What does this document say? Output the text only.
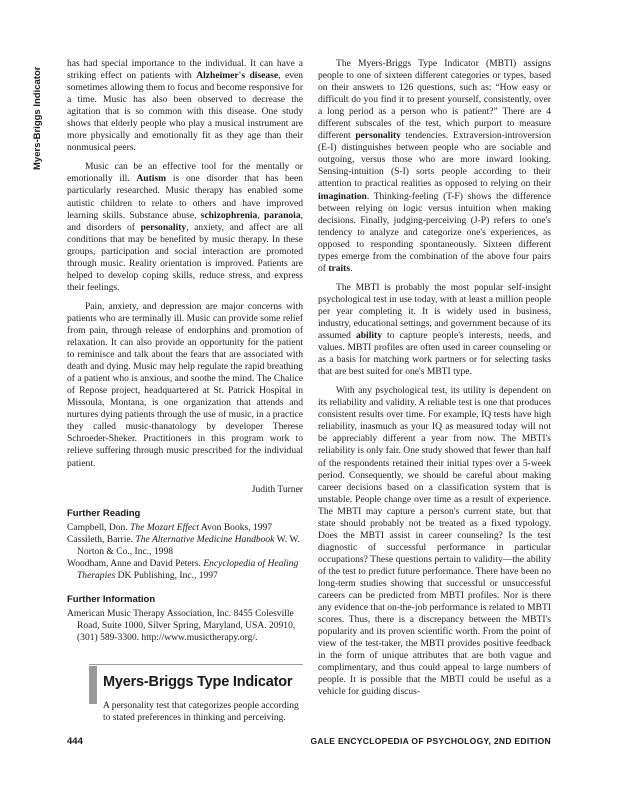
Myers-Briggs Indicator

has had special importance to the individual. It can have a striking effect on patients with Alzheimer's disease, even sometimes allowing them to focus and become responsive for a time. Music has also been observed to decrease the agitation that is so common with this disease. One study shows that elderly people who play a musical instrument are more physically and emotionally fit as they age than their nonmusical peers.

Music can be an effective tool for the mentally or emotionally ill. Autism is one disorder that has been particularly researched. Music therapy has enabled some autistic children to relate to others and have improved learning skills. Substance abuse, schizophrenia, paranoia, and disorders of personality, anxiety, and affect are all conditions that may be benefited by music therapy. In these groups, participation and social interaction are promoted through music. Reality orientation is improved. Patients are helped to develop coping skills, reduce stress, and express their feelings.

Pain, anxiety, and depression are major concerns with patients who are terminally ill. Music can provide some relief from pain, through release of endorphins and promotion of relaxation. It can also provide an opportunity for the patient to reminisce and talk about the fears that are associated with death and dying. Music may help regulate the rapid breathing of a patient who is anxious, and soothe the mind. The Chalice of Repose project, headquartered at St. Patrick Hospital in Missoula, Montana, is one organization that attends and nurtures dying patients through the use of music, in a practice they called music-thanatology by developer Therese Schroeder-Sheker. Practitioners in this program work to relieve suffering through music prescribed for the individual patient.

Judith Turner

Further Reading

Campbell, Don. The Mozart Effect Avon Books, 1997

Cassileth, Barrie. The Alternative Medicine Handbook W. W. Norton & Co., Inc., 1998

Woodham, Anne and David Peters. Encyclopedia of Healing Therapies DK Publishing, Inc., 1997

Further Information

American Music Therapy Association, Inc. 8455 Colesville Road, Suite 1000, Silver Spring, Maryland, USA. 20910, (301) 589-3300. http://www.musictherapy.org/.

Myers-Briggs Type Indicator
A personality test that categorizes people according to stated preferences in thinking and perceiving.

The Myers-Briggs Type Indicator (MBTI) assigns people to one of sixteen different categories or types, based on their answers to 126 questions, such as: “How easy or difficult do you find it to present yourself, consistently, over a long period as a person who is patient?” There are 4 different subscales of the test, which purport to measure different personality tendencies. Extraversion-introversion (E-I) distinguishes between people who are sociable and outgoing, versus those who are more inward looking. Sensing-intuition (S-I) sorts people according to their attention to practical realities as opposed to relying on their imagination. Thinking-feeling (T-F) shows the difference between relying on logic versus intuition when making decisions. Finally, judging-perceiving (J-P) refers to one's tendency to analyze and categorize one's experiences, as opposed to responding spontaneously. Sixteen different types emerge from the combination of the above four pairs of traits.

The MBTI is probably the most popular self-insight psychological test in use today, with at least a million people per year completing it. It is widely used in business, industry, educational settings, and government because of its assumed ability to capture people's interests, needs, and values. MBTI profiles are often used in career counseling or as a basis for matching work partners or for selecting tasks that are best suited for one's MBTI type.

With any psychological test, its utility is dependent on its reliability and validity. A reliable test is one that produces consistent results over time. For example, IQ tests have high reliability, inasmuch as your IQ as measured today will not be appreciably different a year from now. The MBTI's reliability is only fair. One study showed that fewer than half of the respondents retained their initial types over a 5-week period. Consequently, we should be careful about making career decisions based on a classification system that is unstable. People change over time as a result of experience. The MBTI may capture a person's current state, but that state should probably not be treated as a fixed typology. Does the MBTI assist in career counseling? Is the test diagnostic of successful performance in particular occupations? These questions pertain to validity—the ability of the test to predict future performance. There have been no long-term studies showing that successful or unsuccessful careers can be predicted from MBTI profiles. Nor is there any evidence that on-the-job performance is related to MBTI scores. Thus, there is a discrepancy between the MBTI's popularity and its proven scientific worth. From the point of view of the test-taker, the MBTI provides positive feedback in the form of unique attributes that are both vague and complimentary, and thus could appeal to large numbers of people. It is possible that the MBTI could be useful as a vehicle for guiding discus-

444	GALE ENCYCLOPEDIA OF PSYCHOLOGY, 2ND EDITION
